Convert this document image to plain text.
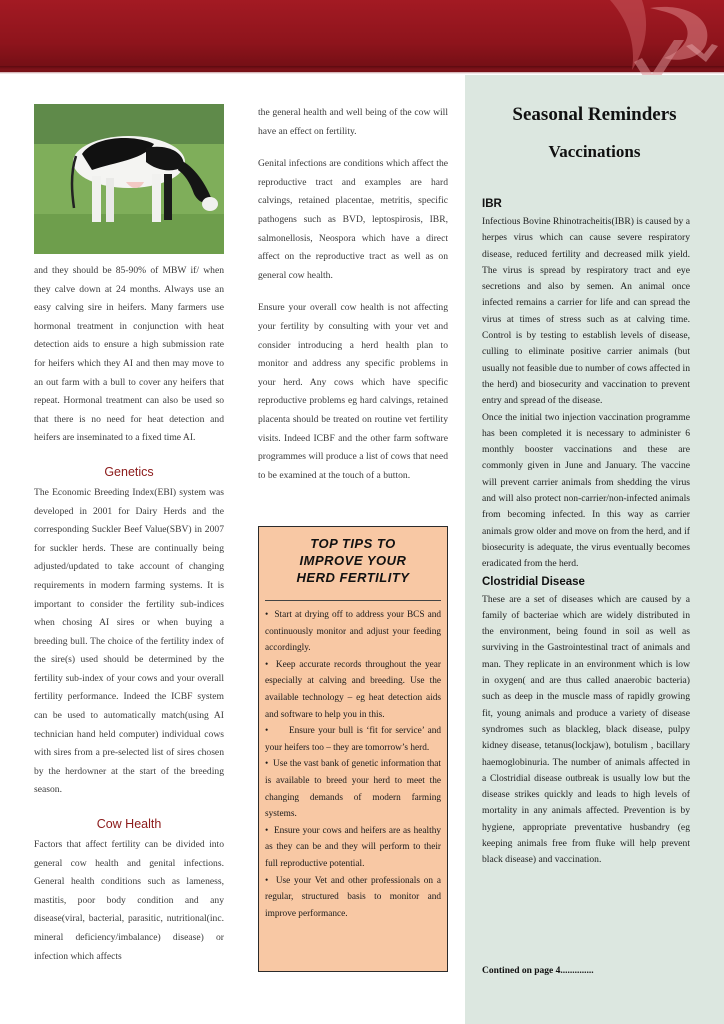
and they should be 85-90% of MBW if/ when they calve down at 24 months. Always use an easy calving sire in heifers. Many farmers use hormonal treatment in conjunction with heat detection aids to ensure a high submission rate for heifers which they AI and then may move to an out farm with a bull to cover any heifers that repeat. Hormonal treatment can also be used so that there is no need for heat detection and heifers are inseminated to a fixed time AI.

Genetics

The Economic Breeding Index(EBI) system was developed in 2001 for Dairy Herds and the corresponding Suckler Beef Value(SBV) in 2007 for suckler herds. These are continually being adjusted/updated to take account of changing requirements in modern farming systems. It is important to consider the fertility sub-indices when chosing AI sires or when buying a breeding bull. The choice of the fertility index of the sire(s) used should be determined by the fertility sub-index of your cows and your overall fertility performance. Indeed the ICBF system can be used to automatically match(using AI technician hand held computer) individual cows with sires from a pre-selected list of sires chosen by the herdowner at the start of the breeding season.

Cow Health

Factors that affect fertility can be divided into general cow health and genital infections. General health conditions such as lameness, mastitis, poor body condition and any disease(viral, bacterial, parasitic, nutritional(inc. mineral deficiency/imbalance) disease) or infection which affects

the general health and well being of the cow will have an effect on fertility.

Genital infections are conditions which affect the reproductive tract and examples are hard calvings, retained placentae, metritis, specific pathogens such as BVD, leptospirosis, IBR, salmonellosis, Neospora which have a direct affect on the reproductive tract as well as on general cow health.

Ensure your overall cow health is not affecting your fertility by consulting with your vet and consider introducing a herd health plan to monitor and address any specific problems in your herd. Any cows which have specific reproductive problems eg hard calvings, retained placenta should be treated on routine vet fertility visits. Indeed ICBF and the other farm software programmes will produce a list of cows that need to be examined at the touch of a button.

TOP TIPS TO
IMPROVE YOUR
HERD FERTILITY
•  Start at drying off to address your BCS and continuously monitor and adjust your feeding accordingly.
•  Keep accurate records throughout the year especially at calving and breeding. Use the available technology – eg heat detection aids and software to help you in this.
•      Ensure your bull is ‘fit for service’ and your heifers too – they are tomorrow’s herd.
•  Use the vast bank of genetic information that is available to breed your herd to meet the changing demands of modern farming systems.
•  Ensure your cows and heifers are as healthy as they can be and they will perform to their full reproductive potential.
•  Use your Vet and other professionals on a regular, structured basis to monitor and improve performance.
Seasonal Reminders
Vaccinations
IBR

Infectious Bovine Rhinotracheitis(IBR) is caused by a herpes virus which can cause severe respiratory disease, reduced fertility and decreased milk yield. The virus is spread by respiratory tract and eye secretions and also by semen. An animal once infected remains a carrier for life and can spread the virus at times of stress such as at calving time. Control is by testing to establish levels of disease, culling to eliminate positive carrier animals (but usually not feasible due to number of cows affected in the herd) and biosecurity and vaccination to prevent entry and spread of the disease.

Once the initial two injection vaccination programme has been completed it is necessary to administer 6 monthly booster vaccinations and these are commonly given in June and January. The vaccine will prevent carrier animals from shedding the virus and will also protect non-carrier/non-infected animals from becoming infected. In this way as carrier animals grow older and move on from the herd, and if biosecurity is adequate, the virus eventually becomes eradicated from the herd.

Clostridial Disease

These are a set of diseases which are caused by a family of bacteriae which are widely distributed in the environment, being found in soil as well as surviving in the Gastrointestinal tract of animals and man. They replicate in an environment which is low in oxygen( and are thus called anaerobic bacteria) such as deep in the muscle mass of rapidly growing fit, young animals and produce a variety of disease syndromes such as blackleg, black disease, pulpy kidney disease, tetanus(lockjaw), botulism , bacillary haemoglobinuria. The number of animals affected in a Clostridial disease outbreak is usually low but the disease strikes quickly and leads to high levels of mortality in any animals affected. Prevention is by hygiene, appropriate preventative husbandry (eg keeping animals free from fluke will help prevent black disease) and vaccination.

Contined on page 4..............
